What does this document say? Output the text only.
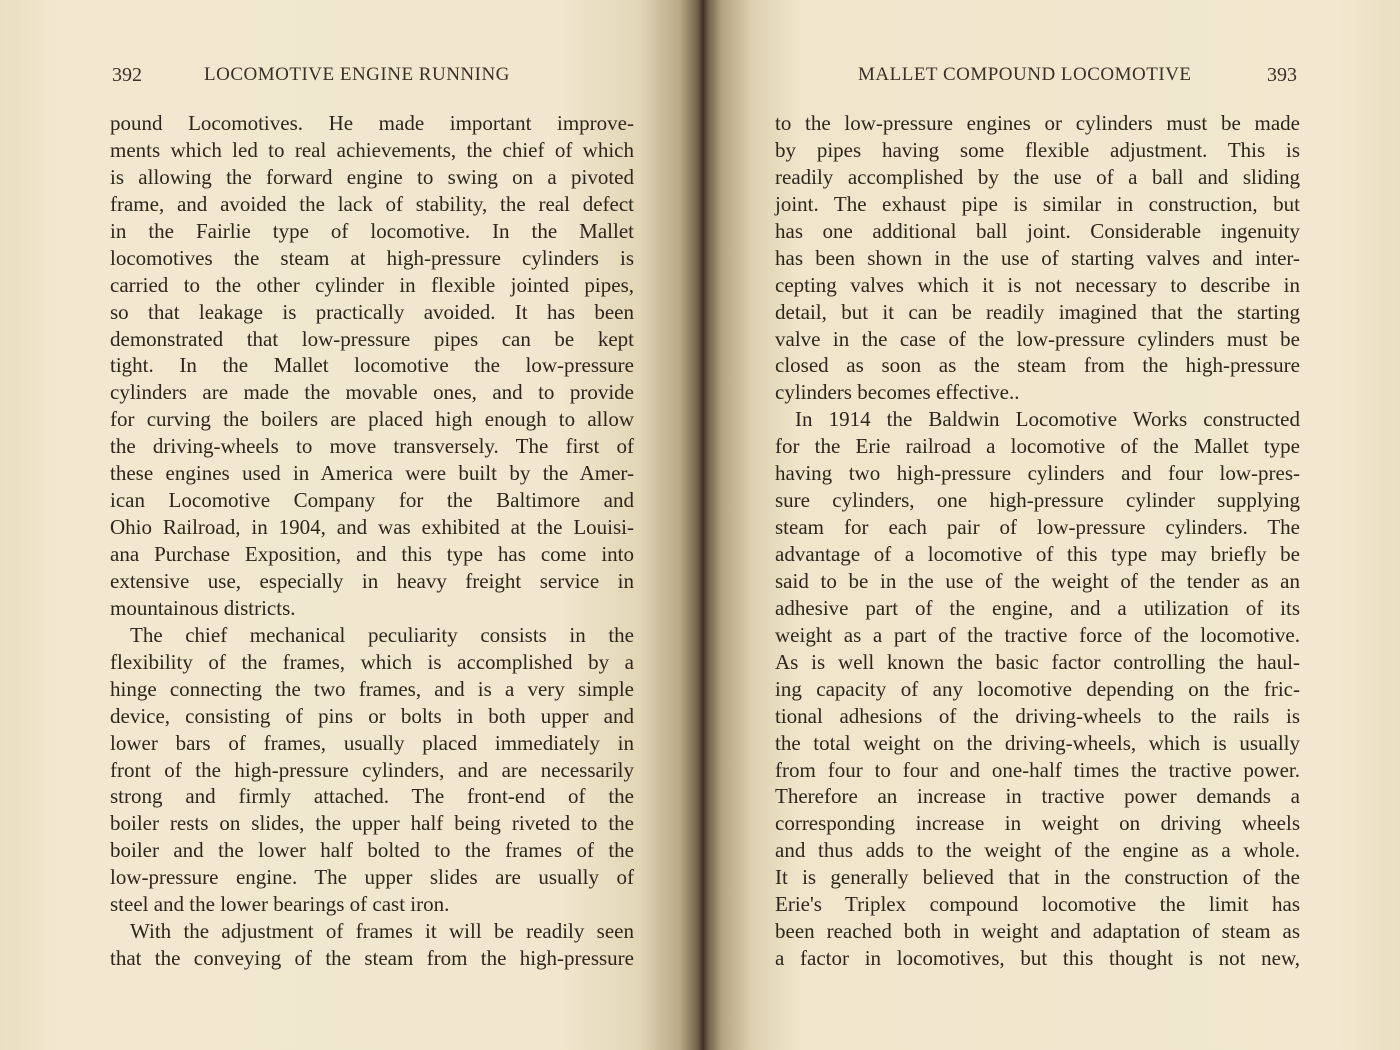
392	LOCOMOTIVE ENGINE RUNNING
pound Locomotives. He made important improve-
ments which led to real achievements, the chief of which
is allowing the forward engine to swing on a pivoted
frame, and avoided the lack of stability, the real defect
in the Fairlie type of locomotive. In the Mallet
locomotives the steam at high-pressure cylinders is
carried to the other cylinder in flexible jointed pipes,
so that leakage is practically avoided. It has been
demonstrated that low-pressure pipes can be kept
tight. In the Mallet locomotive the low-pressure
cylinders are made the movable ones, and to provide
for curving the boilers are placed high enough to allow
the driving-wheels to move transversely. The first of
these engines used in America were built by the Amer-
ican Locomotive Company for the Baltimore and
Ohio Railroad, in 1904, and was exhibited at the Louisi-
ana Purchase Exposition, and this type has come into
extensive use, especially in heavy freight service in
mountainous districts.
The chief mechanical peculiarity consists in the
flexibility of the frames, which is accomplished by a
hinge connecting the two frames, and is a very simple
device, consisting of pins or bolts in both upper and
lower bars of frames, usually placed immediately in
front of the high-pressure cylinders, and are necessarily
strong and firmly attached. The front-end of the
boiler rests on slides, the upper half being riveted to the
boiler and the lower half bolted to the frames of the
low-pressure engine. The upper slides are usually of
steel and the lower bearings of cast iron.
With the adjustment of frames it will be readily seen
that the conveying of the steam from the high-pressure
MALLET COMPOUND LOCOMOTIVE	393
to the low-pressure engines or cylinders must be made
by pipes having some flexible adjustment. This is
readily accomplished by the use of a ball and sliding
joint. The exhaust pipe is similar in construction, but
has one additional ball joint. Considerable ingenuity
has been shown in the use of starting valves and inter-
cepting valves which it is not necessary to describe in
detail, but it can be readily imagined that the starting
valve in the case of the low-pressure cylinders must be
closed as soon as the steam from the high-pressure
cylinders becomes effective..
In 1914 the Baldwin Locomotive Works constructed
for the Erie railroad a locomotive of the Mallet type
having two high-pressure cylinders and four low-pres-
sure cylinders, one high-pressure cylinder supplying
steam for each pair of low-pressure cylinders. The
advantage of a locomotive of this type may briefly be
said to be in the use of the weight of the tender as an
adhesive part of the engine, and a utilization of its
weight as a part of the tractive force of the locomotive.
As is well known the basic factor controlling the haul-
ing capacity of any locomotive depending on the fric-
tional adhesions of the driving-wheels to the rails is
the total weight on the driving-wheels, which is usually
from four to four and one-half times the tractive power.
Therefore an increase in tractive power demands a
corresponding increase in weight on driving wheels
and thus adds to the weight of the engine as a whole.
It is generally believed that in the construction of the
Erie's Triplex compound locomotive the limit has
been reached both in weight and adaptation of steam as
a factor in locomotives, but this thought is not new,
